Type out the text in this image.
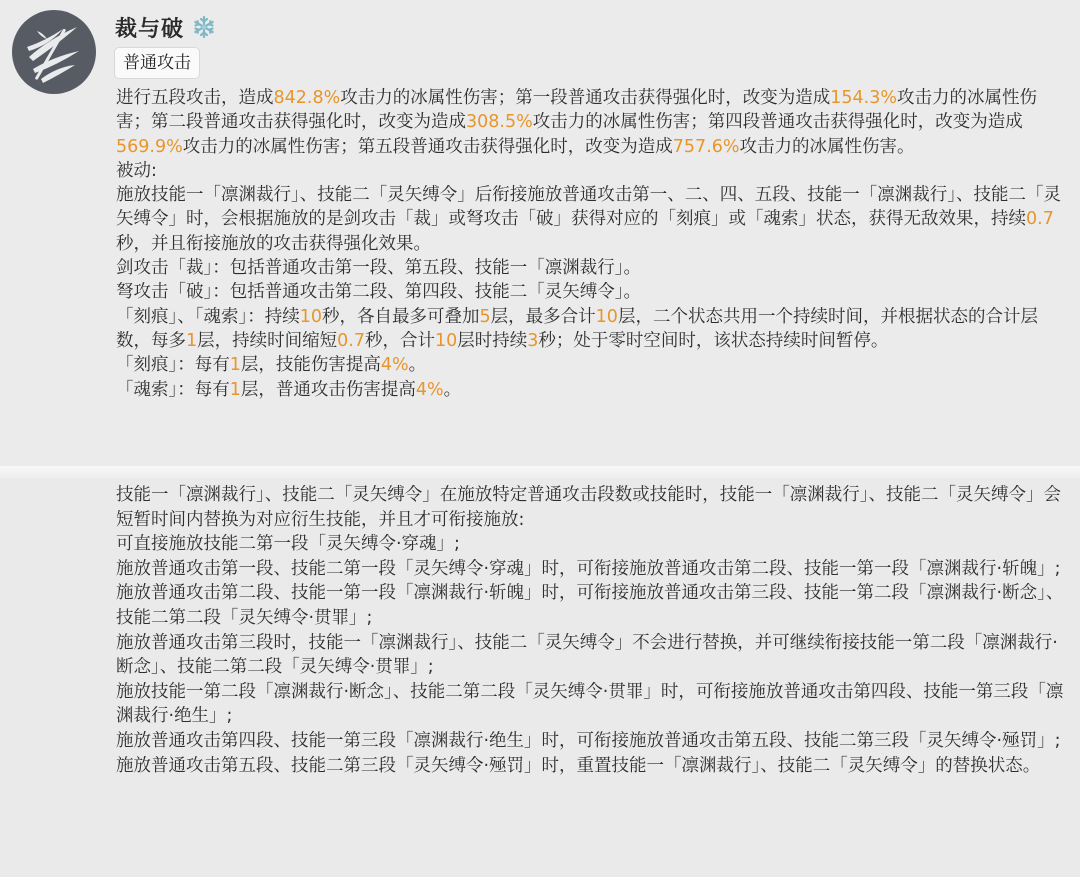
裁与破
普通攻击

进行五段攻击，造成842.8%攻击力的冰属性伤害；第一段普通攻击获得强化时，改变为造成154.3%攻击力的冰属性伤害；第二段普通攻击获得强化时，改变为造成308.5%攻击力的冰属性伤害；第四段普通攻击获得强化时，改变为造成569.9%攻击力的冰属性伤害；第五段普通攻击获得强化时，改变为造成757.6%攻击力的冰属性伤害。

被动:

施放技能一「凛渊裁行」、技能二「灵矢缚令」后衔接施放普通攻击第一、二、四、五段、技能一「凛渊裁行」、技能二「灵矢缚令」时，会根据施放的是剑攻击「裁」或弩攻击「破」获得对应的「刻痕」或「魂索」状态，获得无敌效果，持续0.7秒，并且衔接施放的攻击获得强化效果。

剑攻击「裁」：包括普通攻击第一段、第五段、技能一「凛渊裁行」。

弩攻击「破」：包括普通攻击第二段、第四段、技能二「灵矢缚令」。

「刻痕」、「魂索」：持续10秒，各自最多可叠加5层，最多合计10层，二个状态共用一个持续时间，并根据状态的合计层数，每多1层，持续时间缩短0.7秒，合计10层时持续3秒；处于零时空间时，该状态持续时间暂停。

「刻痕」：每有1层，技能伤害提高4%。

「魂索」：每有1层，普通攻击伤害提高4%。

技能一「凛渊裁行」、技能二「灵矢缚令」在施放特定普通攻击段数或技能时，技能一「凛渊裁行」、技能二「灵矢缚令」会短暂时间内替换为对应衍生技能，并且才可衔接施放:

可直接施放技能二第一段「灵矢缚令·穿魂」;

施放普通攻击第一段、技能二第一段「灵矢缚令·穿魂」时，可衔接施放普通攻击第二段、技能一第一段「凛渊裁行·斩魄」;

施放普通攻击第二段、技能一第一段「凛渊裁行·斩魄」时，可衔接施放普通攻击第三段、技能一第二段「凛渊裁行·断念」、技能二第二段「灵矢缚令·贯罪」;

施放普通攻击第三段时，技能一「凛渊裁行」、技能二「灵矢缚令」不会进行替换，并可继续衔接技能一第二段「凛渊裁行·断念」、技能二第二段「灵矢缚令·贯罪」;

施放技能一第二段「凛渊裁行·断念」、技能二第二段「灵矢缚令·贯罪」时，可衔接施放普通攻击第四段、技能一第三段「凛渊裁行·绝生」;

施放普通攻击第四段、技能一第三段「凛渊裁行·绝生」时，可衔接施放普通攻击第五段、技能二第三段「灵矢缚令·殛罚」;

施放普通攻击第五段、技能二第三段「灵矢缚令·殛罚」时，重置技能一「凛渊裁行」、技能二「灵矢缚令」的替换状态。
